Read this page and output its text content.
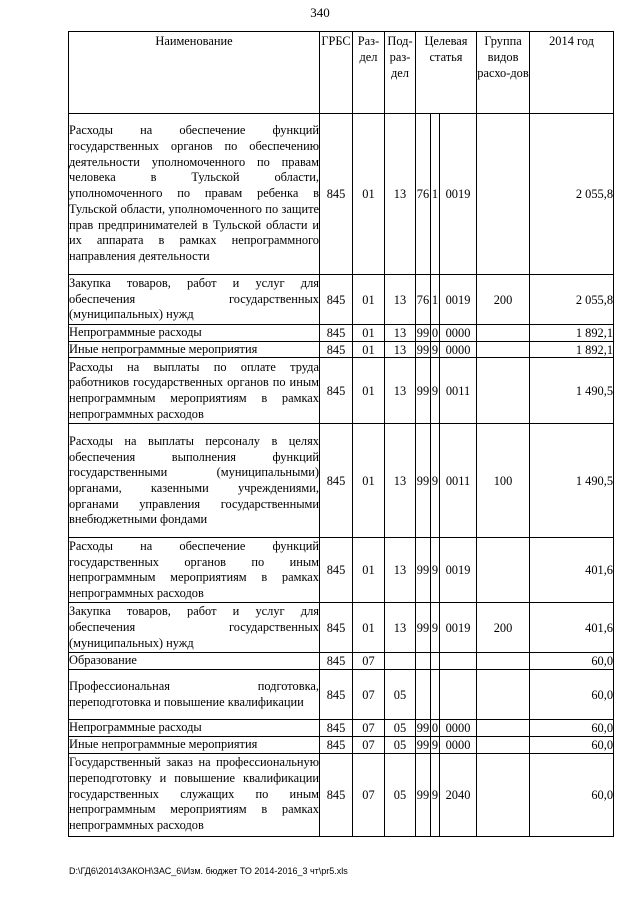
340
Наименование	ГРБС	Раз-дел	Под-раз-дел	Целевая статья			Группа видов расхо-дов	2014 год
Расходы на обеспечение функций государственных органов по обеспечению деятельности уполномоченного по правам человека в Тульской области, уполномоченного по правам ребенка в Тульской области, уполномоченного по защите прав предпринимателей в Тульской области и их аппарата в рамках непрограммного направления деятельности	845	01	13	76	1	0019		2 055,8
Закупка товаров, работ и услуг для обеспечения государственных (муниципальных) нужд	845	01	13	76	1	0019	200	2 055,8
Непрограммные расходы	845	01	13	99	0	0000		1 892,1
Иные непрограммные мероприятия	845	01	13	99	9	0000		1 892,1
Расходы на выплаты по оплате труда работников государственных органов по иным непрограммным мероприятиям в рамках непрограммных расходов	845	01	13	99	9	0011		1 490,5
Расходы на выплаты персоналу в целях обеспечения выполнения функций государственными (муниципальными) органами, казенными учреждениями, органами управления государственными внебюджетными фондами	845	01	13	99	9	0011	100	1 490,5
Расходы на обеспечение функций государственных органов по иным непрограммным мероприятиям в рамках непрограммных расходов	845	01	13	99	9	0019		401,6
Закупка товаров, работ и услуг для обеспечения государственных (муниципальных) нужд	845	01	13	99	9	0019	200	401,6
Образование	845	07						60,0
Профессиональная подготовка, переподготовка и повышение квалификации	845	07	05					60,0
Непрограммные расходы	845	07	05	99	0	0000		60,0
Иные непрограммные мероприятия	845	07	05	99	9	0000		60,0
Государственный заказ на профессиональную переподготовку и повышение квалификации государственных служащих по иным непрограммным мероприятиям в рамках непрограммных расходов	845	07	05	99	9	2040		60,0
D:\ГД6\2014\ЗАКОН\ЗАС_6\Изм. бюджет ТО 2014-2016_3 чт\pr5.xls
